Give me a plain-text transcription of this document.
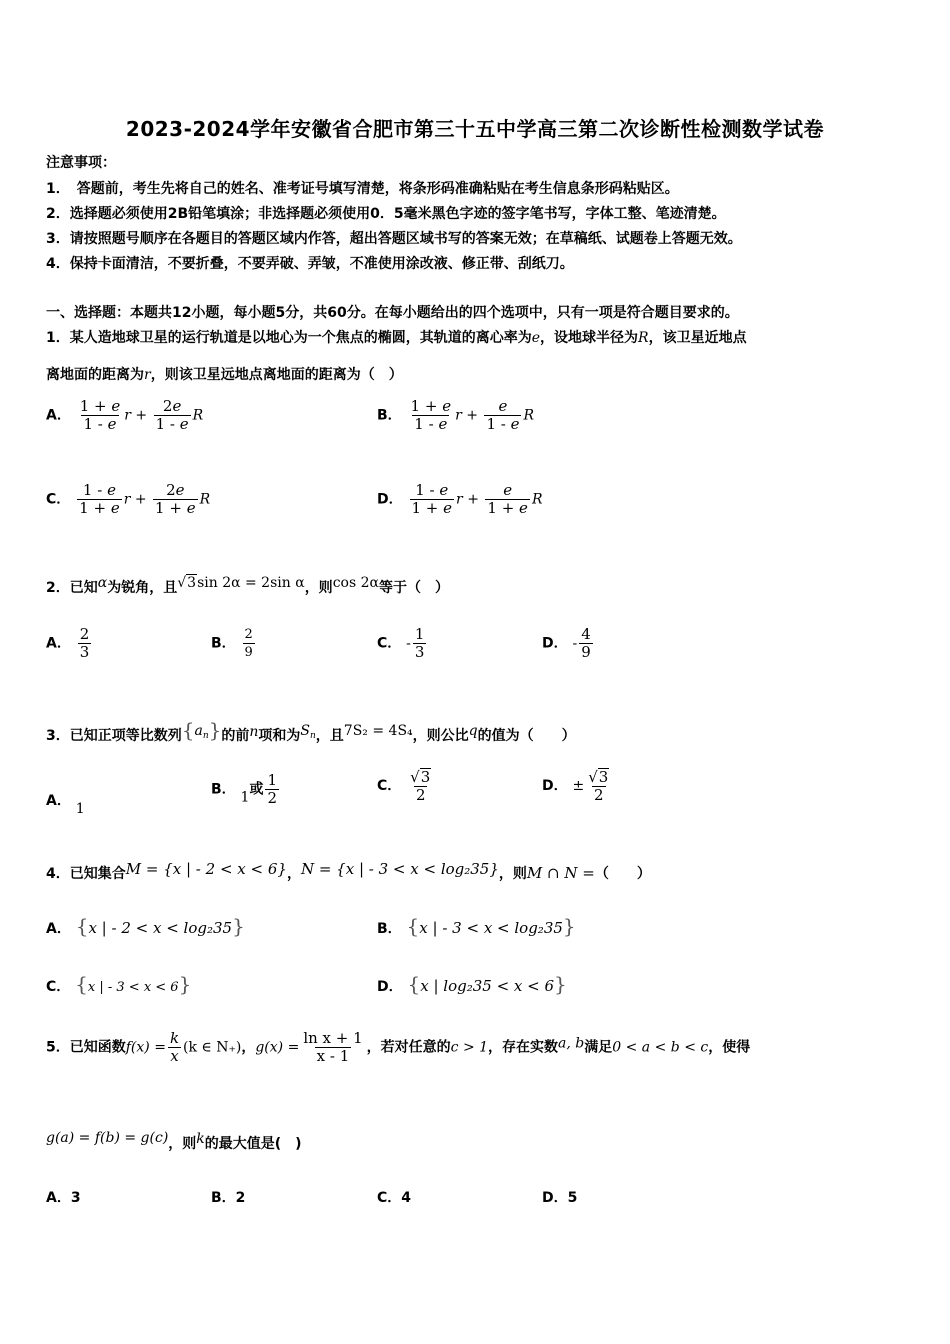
2023-2024学年安徽省合肥市第三十五中学高三第二次诊断性检测数学试卷
注意事项：
1．　答题前，考生先将自己的姓名、准考证号填写清楚，将条形码准确粘贴在考生信息条形码粘贴区。
2．选择题必须使用2B铅笔填涂；非选择题必须使用0．5毫米黑色字迹的签字笔书写，字体工整、笔迹清楚。
3．请按照题号顺序在各题目的答题区域内作答，超出答题区域书写的答案无效；在草稿纸、试题卷上答题无效。
4．保持卡面清洁，不要折叠，不要弄破、弄皱，不准使用涂改液、修正带、刮纸刀。
一、选择题：本题共12小题，每小题5分，共60分。在每小题给出的四个选项中，只有一项是符合题目要求的。
1．某人造地球卫星的运行轨道是以地心为一个焦点的椭圆，其轨道的离心率为e，设地球半径为R，该卫星近地点
离地面的距离为r，则该卫星远地点离地面的距离为（　）
A． $\frac{1 + e}{1 - e}$ $r + \frac{2e}{1 - e}$ R	B． $\frac{1 + e}{1 - e}$ $r + \frac{e}{1 - e}$ R
C． $\frac{1 - e}{1 + e}$ $r + \frac{2e}{1 + e}$ R	D． $\frac{1 - e}{1 + e}$ $r + \frac{e}{1 + e}$ R
2．已知α为锐角，且√3sin 2α = 2sin α，则cos 2α等于（　）
A． $\frac{2}{3}$	B． $\frac{2}{9}$	C． - $\frac{1}{3}$	D． - $\frac{4}{9}$
3．已知正项等比数列$\{a_n\}$的前n项和为$S_n$，且7S₂ = 4S₄，则公比q的值为（　　）
A． 1
B． 1或 $\frac{1}{2}$	C． $\frac{√3}{2}$	D． ± $\frac{√3}{2}$
4．已知集合M = {x | - 2 < x < 6}，N = {x | - 3 < x < log₂35}，则M ∩ N =（　　）
A． {x | - 2 < x < log₂35}	B． {x | - 3 < x < log₂35}
C． {x | - 3 < x < 6}	D． {x | log₂35 < x < 6}
5．已知函数$f(x) = \frac{k}{x} (k$ ∈ N₊)，$g(x) = \frac{\text{ln x + 1}}{x - 1}$ ，若对任意的c > 1，存在实数a, b满足0 < a < b < c，使得
g(a) = f(b) = g(c)，则k的最大值是(　)
A．3	B．2	C．4	D．5
